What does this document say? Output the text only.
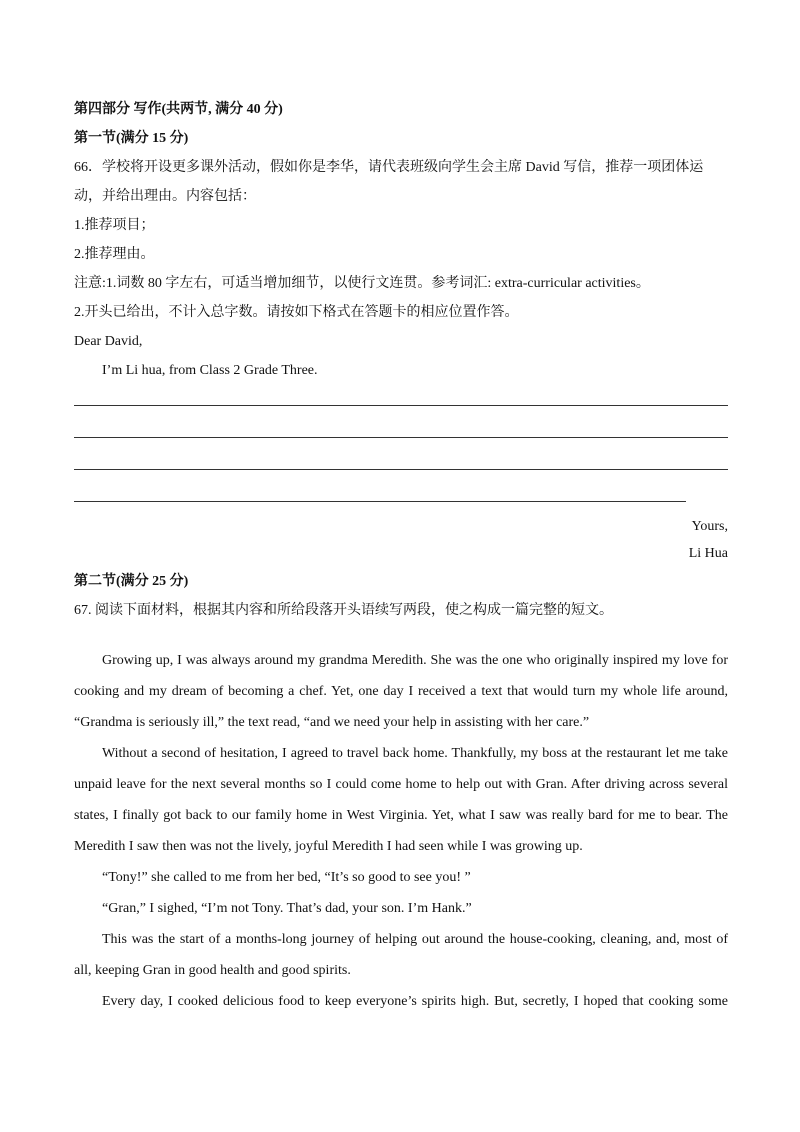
第四部分 写作(共两节, 满分 40 分)
第一节(满分 15 分)
66．学校将开设更多课外活动，假如你是李华，请代表班级向学生会主席 David 写信，推荐一项团体运
动，并给出理由。内容包括：
1.推荐项目；
2.推荐理由。
注意:1.词数 80 字左右，可适当增加细节，以使行文连贯。参考词汇: extra-curricular activities。
2.开头已给出，不计入总字数。请按如下格式在答题卡的相应位置作答。
Dear David,
I’m Li hua, from Class 2 Grade Three.
Yours,
Li Hua
第二节(满分 25 分)
67. 阅读下面材料，根据其内容和所给段落开头语续写两段，使之构成一篇完整的短文。
Growing up, I was always around my grandma Meredith. She was the one who originally inspired my love for
cooking and my dream of becoming a chef. Yet, one day I received a text that would turn my whole life around,
“Grandma is seriously ill,” the text read, “and we need your help in assisting with her care.”
Without a second of hesitation, I agreed to travel back home. Thankfully, my boss at the restaurant let me take
unpaid leave for the next several months so I could come home to help out with Gran. After driving across several
states, I finally got back to our family home in West Virginia. Yet, what I saw was really bard for me to bear. The
Meredith I saw then was not the lively, joyful Meredith I had seen while I was growing up.
“Tony!” she called to me from her bed, “It’s so good to see you! ”
“Gran,” I sighed, “I’m not Tony. That’s dad, your son. I’m Hank.”
This was the start of a months-long journey of helping out around the house-cooking, cleaning, and, most of
all, keeping Gran in good health and good spirits.
Every day, I cooked delicious food to keep everyone’s spirits high. But, secretly, I hoped that cooking some
